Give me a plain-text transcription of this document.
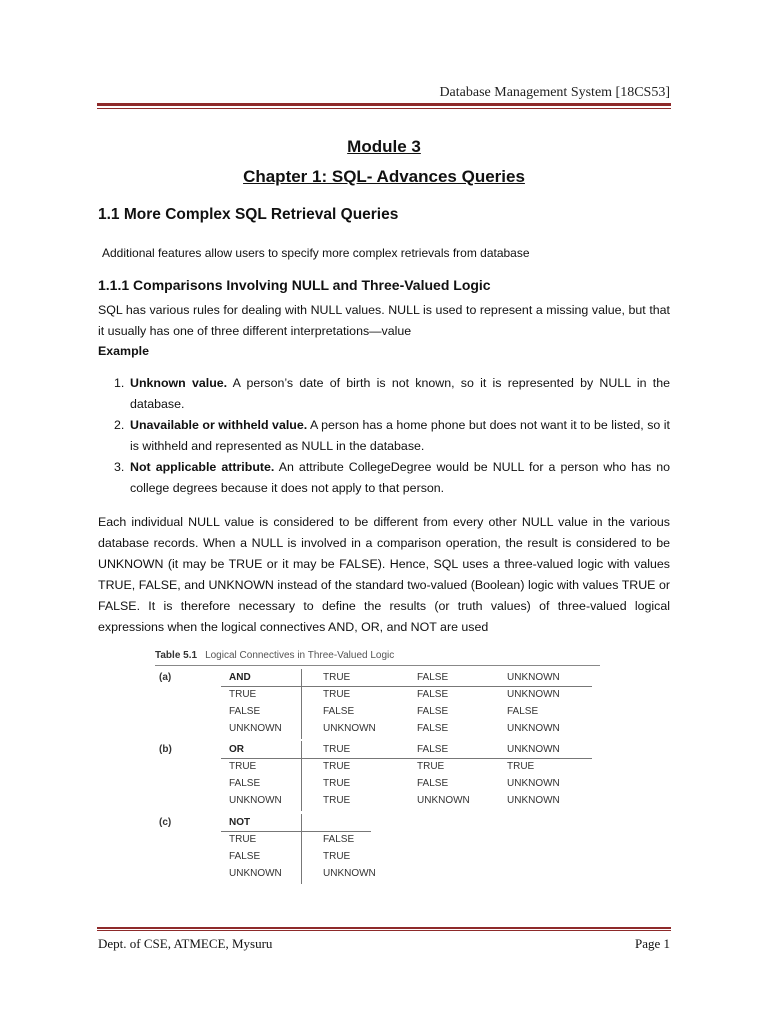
Database Management System [18CS53]
Module 3
Chapter 1: SQL- Advances Queries
1.1 More Complex SQL Retrieval Queries
Additional features allow users to specify more complex retrievals from database
1.1.1 Comparisons Involving NULL and Three-Valued Logic
SQL has various rules for dealing with NULL values. NULL is used to represent a missing value, but that it usually has one of three different interpretations—value
Example
1. Unknown value. A person’s date of birth is not known, so it is represented by NULL in the database.
2. Unavailable or withheld value. A person has a home phone but does not want it to be listed, so it is withheld and represented as NULL in the database.
3. Not applicable attribute. An attribute CollegeDegree would be NULL for a person who has no college degrees because it does not apply to that person.
Each individual NULL value is considered to be different from every other NULL value in the various database records. When a NULL is involved in a comparison operation, the result is considered to be UNKNOWN (it may be TRUE or it may be FALSE). Hence, SQL uses a three-valued logic with values TRUE, FALSE, and UNKNOWN instead of the standard two-valued (Boolean) logic with values TRUE or FALSE. It is therefore necessary to define the results (or truth values) of three-valued logical expressions when the logical connectives AND, OR, and NOT are used
Table 5.1 Logical Connectives in Three-Valued Logic
(a)	AND	TRUE	FALSE	UNKNOWN
TRUE	TRUE	FALSE	UNKNOWN
FALSE	FALSE	FALSE	FALSE
UNKNOWN	UNKNOWN	FALSE	UNKNOWN
(b)	OR	TRUE	FALSE	UNKNOWN
TRUE	TRUE	TRUE	TRUE
FALSE	TRUE	FALSE	UNKNOWN
UNKNOWN	TRUE	UNKNOWN	UNKNOWN
(c)	NOT
TRUE	FALSE
FALSE	TRUE
UNKNOWN	UNKNOWN
Dept. of CSE, ATMECE, Mysuru	Page 1
